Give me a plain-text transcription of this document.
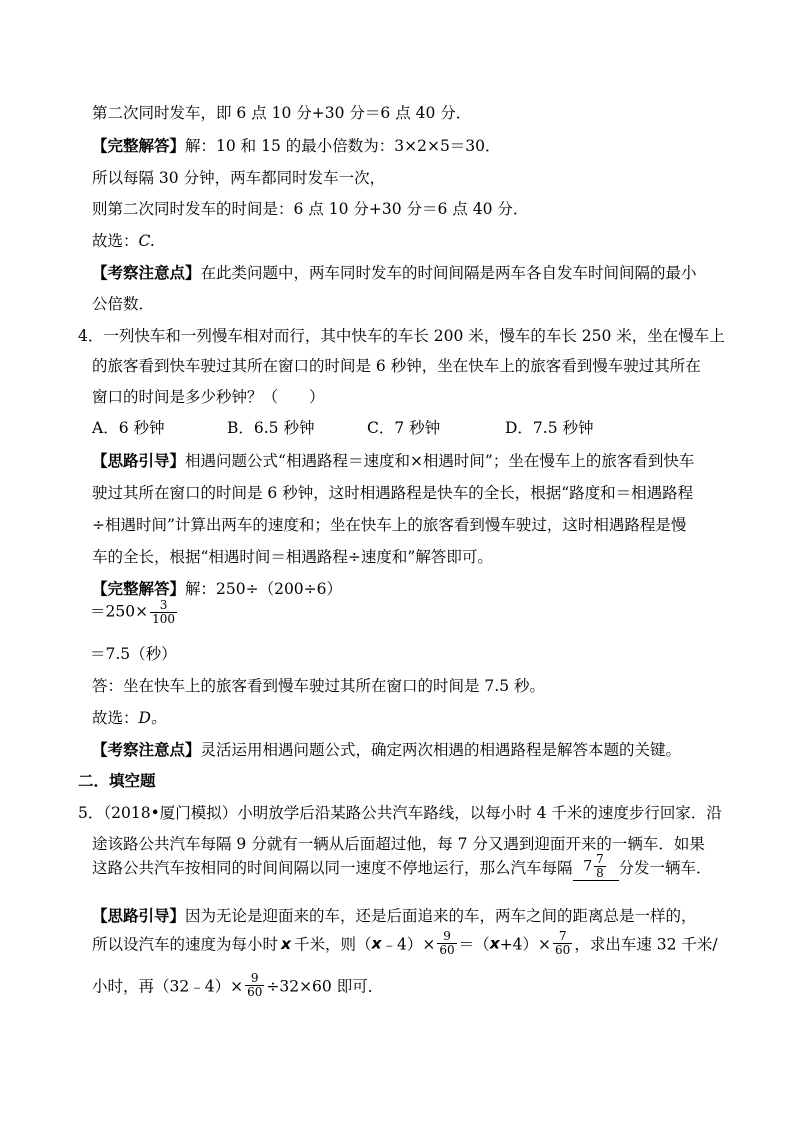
第二次同时发车，即 6 点 10 分+30 分＝6 点 40 分．
【完整解答】解：10 和 15 的最小倍数为：3×2×5＝30．
所以每隔 30 分钟，两车都同时发车一次，
则第二次同时发车的时间是：6 点 10 分+30 分＝6 点 40 分．
故选：C.
【考察注意点】在此类问题中，两车同时发车的时间间隔是两车各自发车时间间隔的最小
公倍数．
4．一列快车和一列慢车相对而行，其中快车的车长 200 米，慢车的车长 250 米，坐在慢车上
的旅客看到快车驶过其所在窗口的时间是 6 秒钟，坐在快车上的旅客看到慢车驶过其所在
窗口的时间是多少秒钟？（　　）
A．6 秒钟	B．6.5 秒钟	C．7 秒钟	D．7.5 秒钟
【思路引导】相遇问题公式“相遇路程＝速度和×相遇时间”；坐在慢车上的旅客看到快车
驶过其所在窗口的时间是 6 秒钟，这时相遇路程是快车的全长，根据“路度和＝相遇路程
÷相遇时间”计算出两车的速度和；坐在快车上的旅客看到慢车驶过，这时相遇路程是慢
车的全长，根据“相遇时间＝相遇路程÷速度和”解答即可。
【完整解答】解：250÷（200÷6）
$=250\times \frac{3}{100}$
＝7.5（秒）
答：坐在快车上的旅客看到慢车驶过其所在窗口的时间是 7.5 秒。
故选：D。
【考察注意点】灵活运用相遇问题公式，确定两次相遇的相遇路程是解答本题的关键。
二．填空题
5．（2018•厦门模拟）小明放学后沿某路公共汽车路线，以每小时 4 千米的速度步行回家．沿
途该路公共汽车每隔 9 分就有一辆从后面超过他，每 7 分又遇到迎面开来的一辆车．如果
这路公共汽车按相同的时间间隔以同一速度不停地运行，那么汽车每隔 $7 \frac{7}{8}$ 分发一辆车．
【思路引导】因为无论是迎面来的车，还是后面追来的车，两车之间的距离总是一样的，
所以设汽车的速度为每小时 x 千米，则（x﹣4）× $\frac{9}{60} =(x+4)\times \frac{7}{60}$ ，求出车速 32 千米/
小时，再（32﹣4）× $\frac{9}{60} \div 32\times 60$ 即可．
